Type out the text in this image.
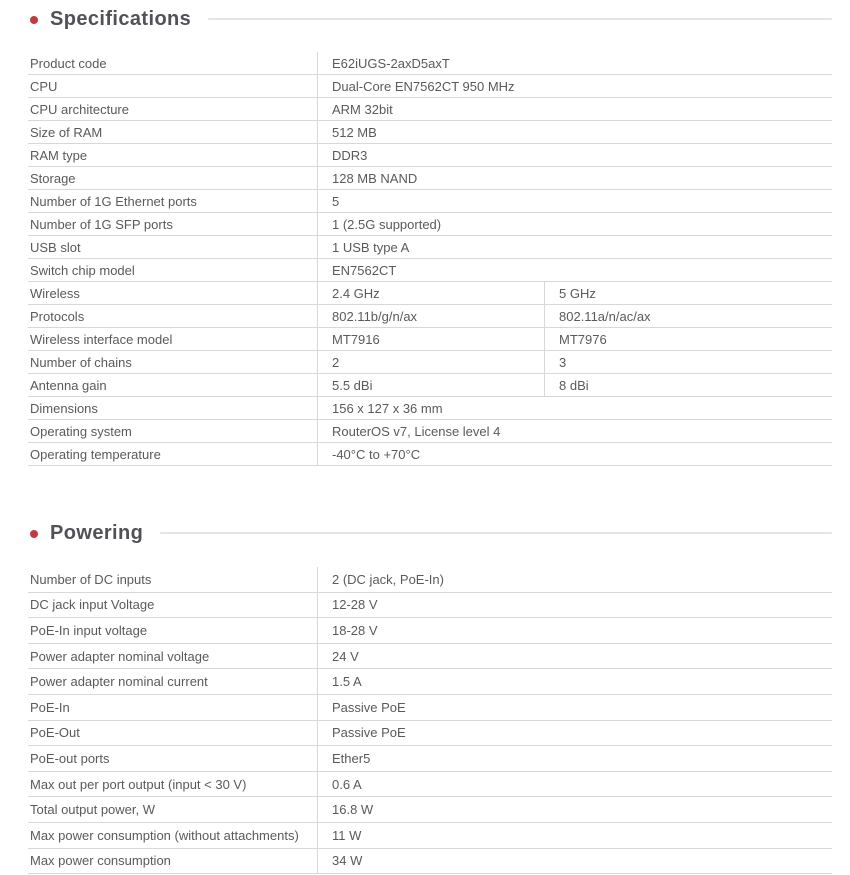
Specifications
Product code	E62iUGS-2axD5axT
CPU	Dual-Core EN7562CT 950 MHz
CPU architecture	ARM 32bit
Size of RAM	512 MB
RAM type	DDR3
Storage	128 MB NAND
Number of 1G Ethernet ports	5
Number of 1G SFP ports	1 (2.5G supported)
USB slot	1 USB type A
Switch chip model	EN7562CT
Wireless	2.4 GHz	5 GHz
Protocols	802.11b/g/n/ax	802.11a/n/ac/ax
Wireless interface model	MT7916	MT7976
Number of chains	2	3
Antenna gain	5.5 dBi	8 dBi
Dimensions	156 x 127 x 36 mm
Operating system	RouterOS v7, License level 4
Operating temperature	-40°C to +70°C
Powering
Number of DC inputs	2 (DC jack, PoE-In)
DC jack input Voltage	12-28 V
PoE-In input voltage	18-28 V
Power adapter nominal voltage	24 V
Power adapter nominal current	1.5 A
PoE-In	Passive PoE
PoE-Out	Passive PoE
PoE-out ports	Ether5
Max out per port output (input < 30 V)	0.6 A
Total output power, W	16.8 W
Max power consumption (without attachments)	11 W
Max power consumption	34 W
